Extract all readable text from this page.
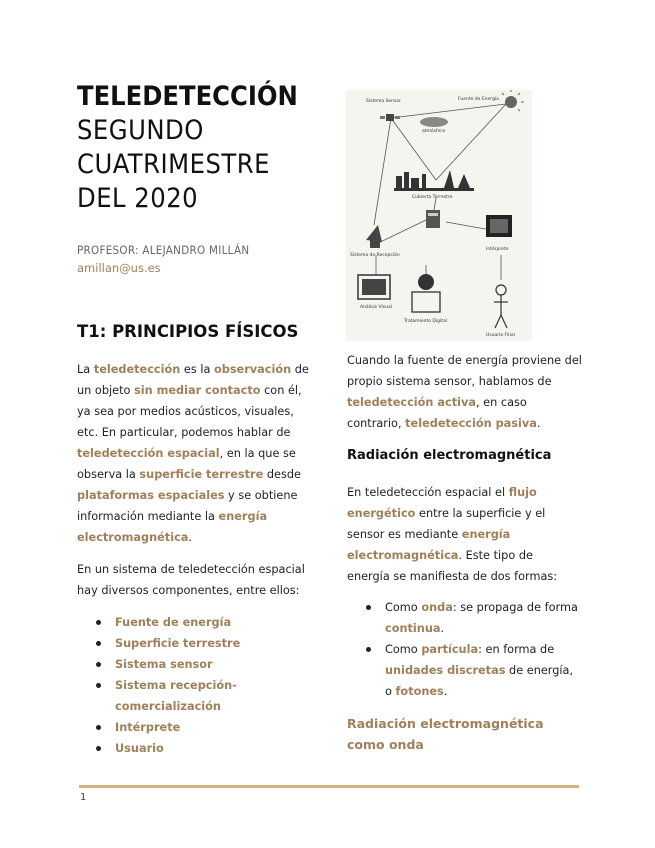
TELEDETECCIÓN
SEGUNDO CUATRIMESTRE DEL 2020

PROFESOR: ALEJANDRO MILLÁN

amillan@us.es

T1: PRINCIPIOS FÍSICOS

La teledetección es la observación de un objeto sin mediar contacto con él, ya sea por medios acústicos, visuales, etc. En particular, podemos hablar de teledetección espacial, en la que se observa la superficie terrestre desde plataformas espaciales y se obtiene información mediante la energía electromagnética.

En un sistema de teledetección espacial hay diversos componentes, entre ellos:

Fuente de energía
Superficie terrestre
Sistema sensor
Sistema recepción-comercialización
Intérprete
Usuario
Sistema Sensor	Fuente de Energía
atmósfera
Cubierta Terrestre
Sistema de Recepción
Intérprete
Análisis Visual
Tratamiento Digital
Usuario Final

Cuando la fuente de energía proviene del propio sistema sensor, hablamos de teledetección activa, en caso contrario, teledetección pasiva.

Radiación electromagnética

En teledetección espacial el flujo energético entre la superficie y el sensor es mediante energía electromagnética. Este tipo de energía se manifiesta de dos formas:

Como onda: se propaga de forma continua.
Como partícula: en forma de unidades discretas de energía, o fotones.
Radiación electromagnética como onda

1
